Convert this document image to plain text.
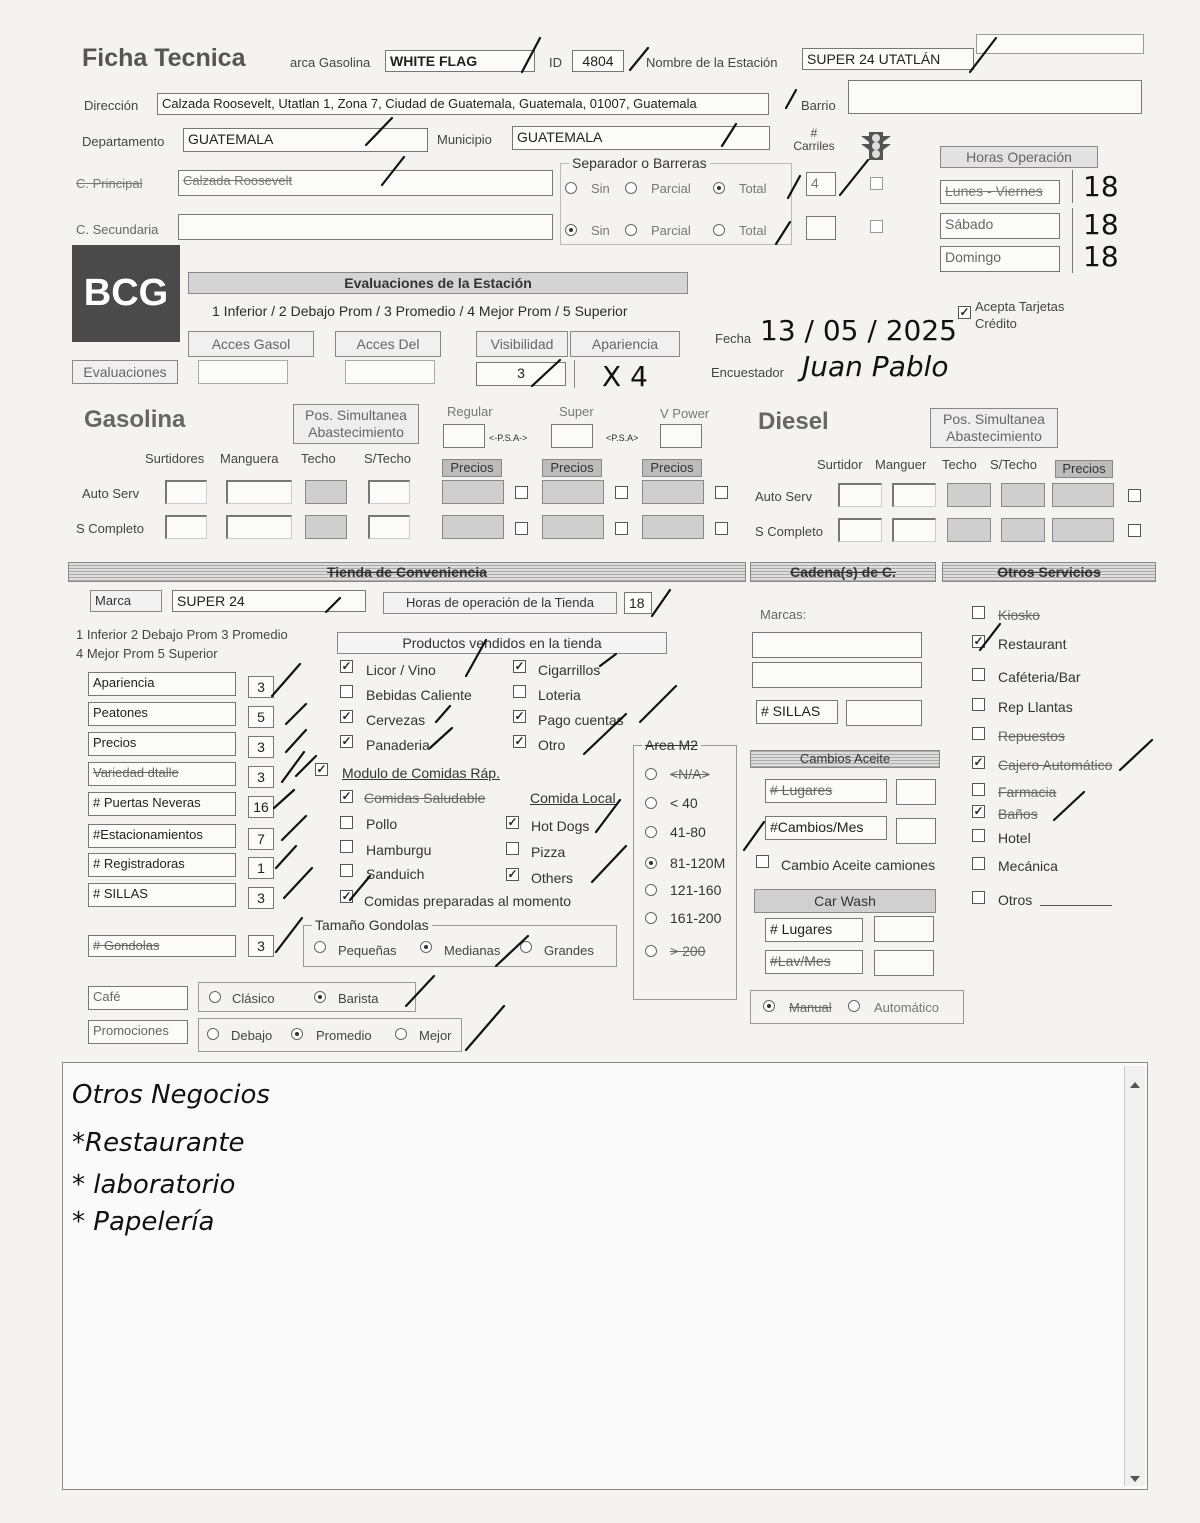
Ficha Tecnica	arca Gasolina	WHITE FLAG	ID	4804	Nombre de la Estación	SUPER 24 UTATLÁN
Dirección	Calzada Roosevelt, Utatlan 1, Zona 7, Ciudad de Guatemala, Guatemala, 01007, Guatemala	Barrio
Departamento	GUATEMALA	Municipio	GUATEMALA	# Carriles
C. Principal	Calzada Roosevelt
C. Secundaria
Separador o Barreras
Sin	Parcial	Total	4
Sin	Parcial	Total
Horas Operación
Lunes - Viernes	18
Sábado	18
Domingo	18
BCG	Evaluaciones de la Estación
1 Inferior / 2 Debajo Prom / 3 Promedio / 4 Mejor Prom / 5 Superior
Acces Gasol	Acces Del	Visibilidad	Apariencia
Evaluaciones	3	X 4
Fecha 13 / 05 / 2025
Encuestador Juan Pablo
✓ Acepta Tarjetas Crédito
Gasolina	Pos. Simultanea Abastecimiento
Regular	Super	V Power
<-P.S.A->	<P.S.A>
Surtidores Manguera Techo S/Techo
Precios	Precios	Precios
Auto Serv
S Completo
Diesel	Pos. Simultanea Abastecimiento
Surtidor Manguer Techo S/Techo	Precios
Auto Serv
S Completo
Tienda de Conveniencia	Cadena(s) de C.	Otros Servicios
Marca	SUPER 24	Horas de operación de la Tienda	18
1 Inferior 2 Debajo Prom 3 Promedio
4 Mejor Prom 5 Superior
Productos vendidos en la tienda
Apariencia	3
Peatones	5
Precios	3
Variedad dtalle	3
# Puertas Neveras	16
#Estacionamientos	7
# Registradoras	1
# SILLAS	3
# Gondolas	3
✓ Licor / Vino
Bebidas Caliente
✓ Cervezas
✓ Panaderia
✓ Cigarrillos
Loteria
✓ Pago cuentas
✓ Otro
✓ Modulo de Comidas Ráp.
✓ Comidas Saludable	Comida Local
Pollo	✓ Hot Dogs
Hamburgu	Pizza
Sanduich	✓ Others
✓ Comidas preparadas al momento
Tamaño Gondolas
Pequeñas	Medianas	Grandes
Café	Clásico	Barista
Promociones	Debajo	Promedio	Mejor
Area M2
<N/A>
< 40
41-80
81-120M
121-160
161-200
> 200
Marcas:
# SILLAS
Cambios Aceite
# Lugares
#Cambios/Mes
Cambio Aceite camiones
Car Wash
# Lugares
#Lav/Mes
Manual	Automático
Kiosko
✓ Restaurant
Caféteria/Bar
Rep Llantas
Repuestos
✓ Cajero Automático
Farmacia
✓ Baños
Hotel
Mecánica
Otros
Otros Negocios
*Restaurante
* laboratorio
* Papelería
